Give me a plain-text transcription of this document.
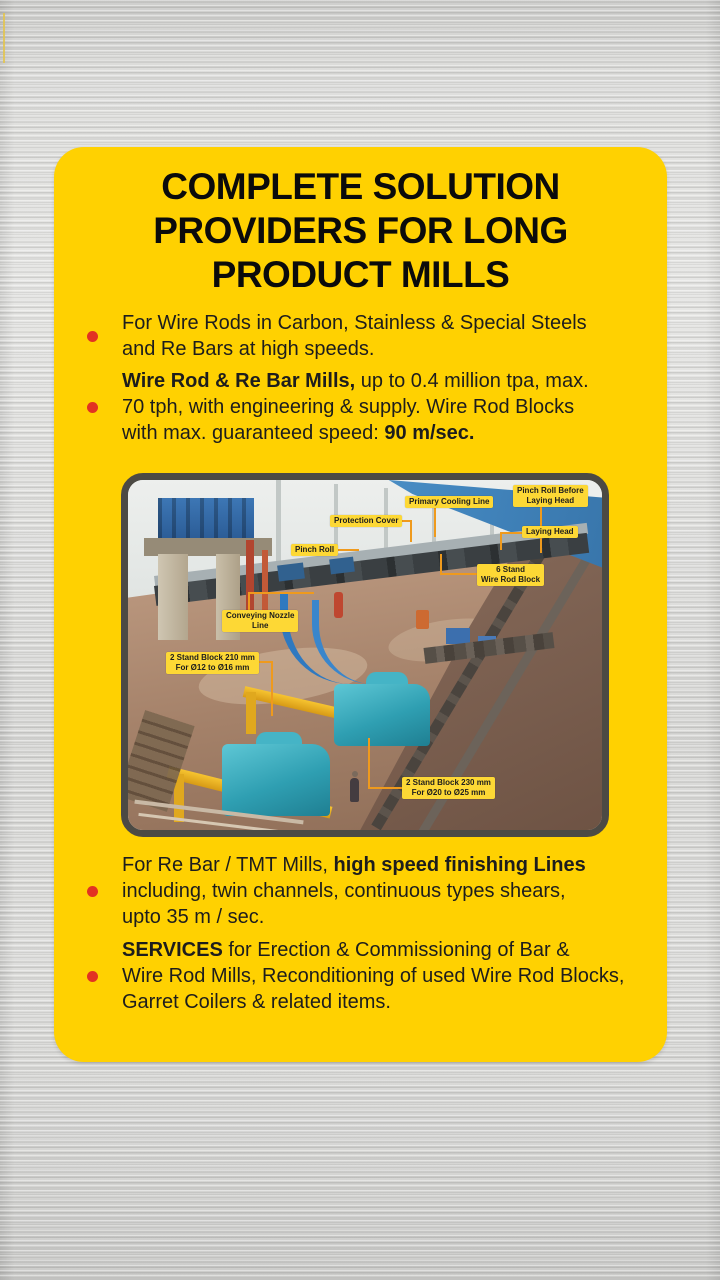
COMPLETE SOLUTION
PROVIDERS FOR LONG
PRODUCT MILLS
For Wire Rods in Carbon, Stainless & Special Steels
and Re Bars at high speeds.
Wire Rod & Re Bar Mills, up to 0.4 million tpa, max.
70 tph, with engineering & supply. Wire Rod Blocks
with max. guaranteed speed: 90 m/sec.
Primary Cooling Line
Pinch Roll Before
Laying Head
Laying Head
Protection Cover
Pinch Roll
6 Stand
Wire Rod Block
Conveying Nozzle
Line
2 Stand Block 210 mm
For Ø12 to Ø16 mm
2 Stand Block 230 mm
For Ø20 to Ø25 mm
For Re Bar / TMT Mills, high speed finishing Lines
including, twin channels, continuous types shears,
upto 35 m / sec.
SERVICES for Erection & Commissioning of Bar &
Wire Rod Mills, Reconditioning of used Wire Rod Blocks,
Garret Coilers & related items.
